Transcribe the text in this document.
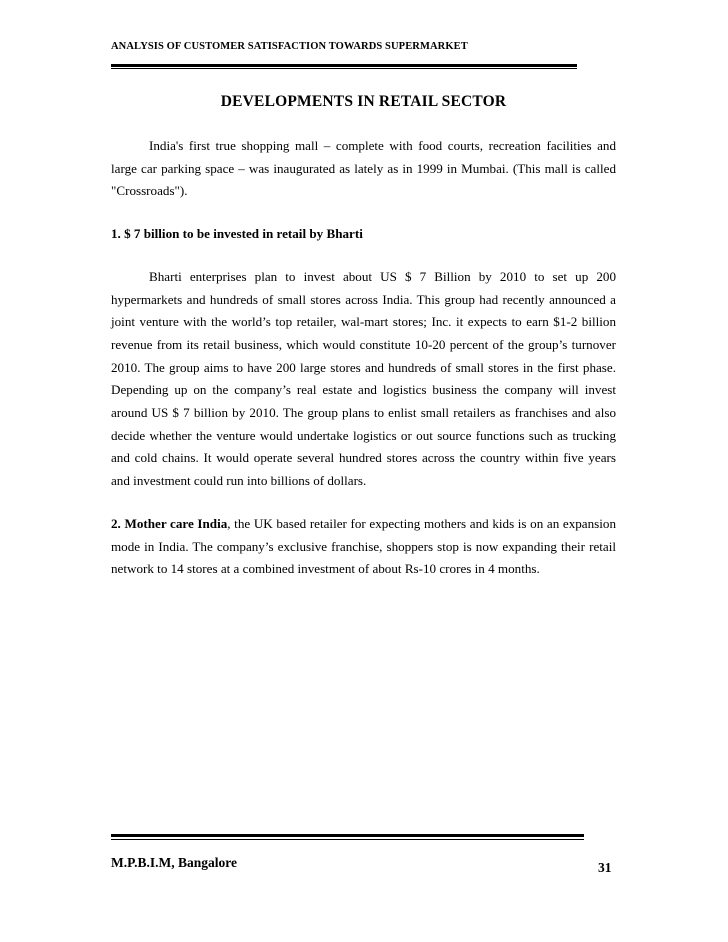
ANALYSIS OF CUSTOMER SATISFACTION TOWARDS SUPERMARKET
DEVELOPMENTS IN RETAIL SECTOR

India's first true shopping mall – complete with food courts, recreation facilities and large car parking space – was inaugurated as lately as in 1999 in Mumbai. (This mall is called "Crossroads").

1. $ 7 billion to be invested in retail by Bharti

Bharti enterprises plan to invest about US $ 7 Billion by 2010 to set up 200 hypermarkets and hundreds of small stores across India. This group had recently announced a joint venture with the world’s top retailer, wal-mart stores; Inc. it expects to earn $1-2 billion revenue from its retail business, which would constitute 10-20 percent of the group’s turnover 2010. The group aims to have 200 large stores and hundreds of small stores in the first phase. Depending up on the company’s real estate and logistics business the company will invest around US $ 7 billion by 2010. The group plans to enlist small retailers as franchises and also decide whether the venture would undertake logistics or out source functions such as trucking and cold chains. It would operate several hundred stores across the country within five years and investment could run into billions of dollars.

2. Mother care India, the UK based retailer for expecting mothers and kids is on an expansion mode in India. The company’s exclusive franchise, shoppers stop is now expanding their retail network to 14 stores at a combined investment of about Rs-10 crores in 4 months.

M.P.B.I.M, Bangalore	31
